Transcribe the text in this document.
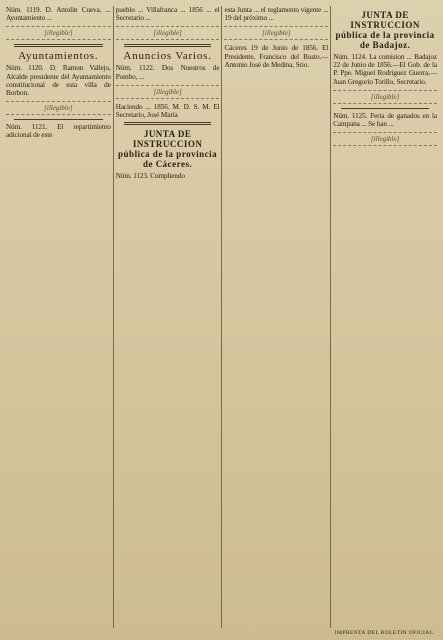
Núm. 1119. D. Antolin Cueva, ... Ayuntamiento ...
[illegible]
Ayuntamientos.
Núm. 1120. D. Ramon Vallejo, Alcalde presidente del Ayuntamiento constitucional de esta villa de Borbon.
[illegible]
Núm. 1121. El repartimiento adicional de este
pueblo ... Villafranca ... 1856 ... el Secretario ...
[illegible]
Anuncios Varios.
Núm. 1122. Dos Nuestros de Pombo, ...
[illegible]
Haciendo ... 1856. M. D. S. M. El Secretario, José María
JUNTA DE INSTRUCCION pública de la provincia de Cáceres.
Núm. 1123. Cumpliendo
esta Junta ... el reglamento vigente ... 19 del próximo ...
[illegible]
Cáceres 19 de Junio de 1856. El Presidente, Francisco del Busto.—Antonio José de Medina, Srio.
JUNTA DE INSTRUCCION pública de la provincia de Badajoz.
Núm. 1124. La comision ... Badajoz 22 de Junio de 1856.—El Gob. de la P. Ppe. Miguel Rodriguez Guerra.—Juan Gregorio Torillo, Secretario.
[illegible]
Núm. 1125. Feria de ganados en la Campana ... Se han ...
[illegible]
IMPRENTA DEL BOLETIN OFICIAL.
